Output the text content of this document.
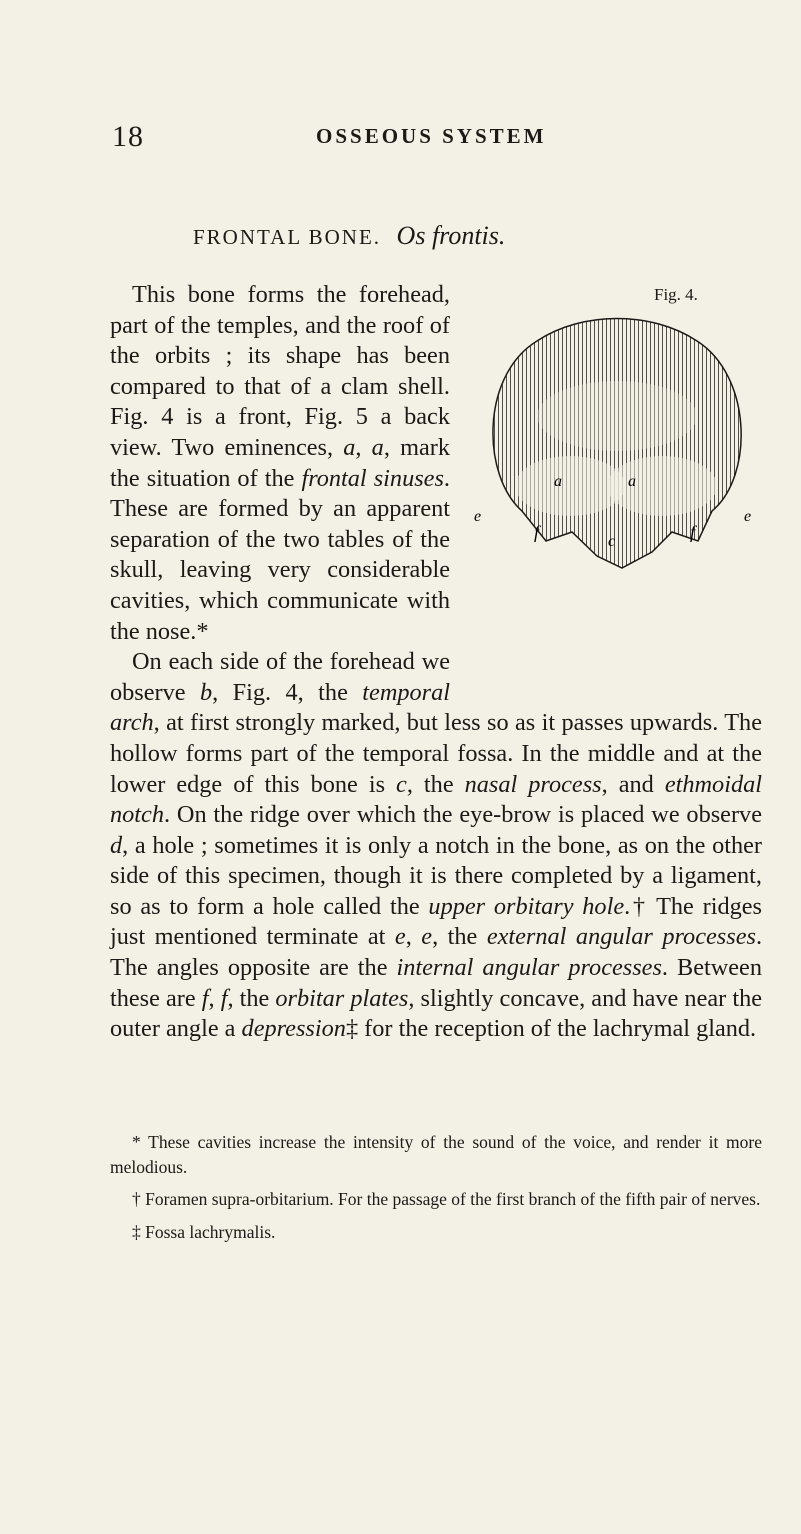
18	OSSEOUS SYSTEM
FRONTAL BONE. Os frontis.

Fig. 4.
a	a
e	e
f	f
c
This bone forms the forehead, part of the temples, and the roof of the orbits ; its shape has been compared to that of a clam shell. Fig. 4 is a front, Fig. 5 a back view. Two eminences, a, a, mark the situation of the frontal sinuses. These are formed by an apparent separation of the two tables of the skull, leaving very considerable cavities, which communicate with the nose.*

On each side of the forehead we observe b, Fig. 4, the temporal arch, at first strongly marked, but less so as it passes upwards. The hollow forms part of the temporal fossa. In the middle and at the lower edge of this bone is c, the nasal process, and ethmoidal notch. On the ridge over which the eye-brow is placed we observe d, a hole ; sometimes it is only a notch in the bone, as on the other side of this specimen, though it is there completed by a ligament, so as to form a hole called the upper orbitary hole.† The ridges just mentioned terminate at e, e, the external angular processes. The angles opposite are the internal angular processes. Between these are f, f, the orbitar plates, slightly concave, and have near the outer angle a depression‡ for the reception of the lachrymal gland.

* These cavities increase the intensity of the sound of the voice, and render it more melodious.

† Foramen supra-orbitarium. For the passage of the first branch of the fifth pair of nerves.

‡ Fossa lachrymalis.
